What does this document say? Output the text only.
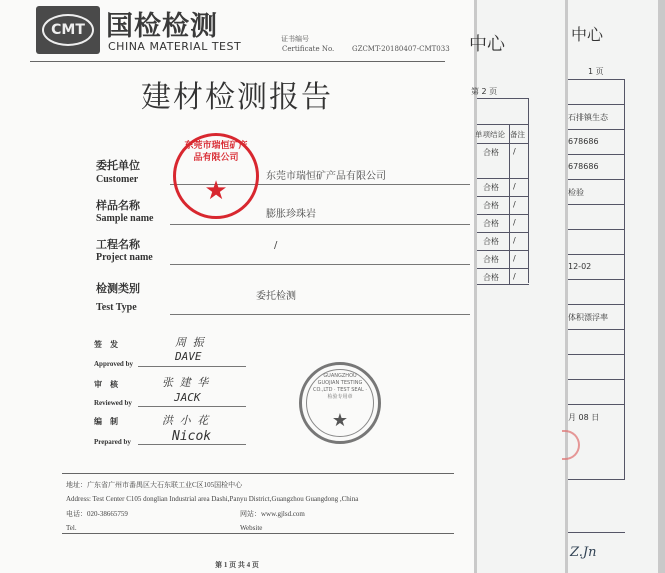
CMT 国检检测
CHINA MATERIAL TEST
证书编号
Certificate No.	GZCMT-20180407-CMT033
建材检测报告
委托单位
Customer	东莞市瑞恒矿产品有限公司
样品名称
Sample name	膨胀珍珠岩
工程名称
Project name
/
检测类别
Test Type
委托检测
东莞市瑞恒矿产品有限公司
★
签　发	周 振
Approved by
DAVE
审　核	张 建 华
Reviewed by	JACK
编　制	洪 小 花
Prepared by	Nicok
GUANGZHOU GUOJIAN TESTING CO.,LTD · TEST SEAL · 检验专用章
★
地址：广东省广州市番禺区大石东联工业C区105国检中心
Address: Test Center C105 donglian Industrial area Dashi,Panyu District,Guangzhou Guangdong ,China
电话：020-38665759	网站：www.gjlsd.com
Tel.	Website
第 1 页 共 4 页
中心
第 2 页
单项结论 备注
合格 /
合格 /
合格 /
合格 /
合格 /
合格 /
合格 /
中心
1 页
Z.Jn
石排镇生态
678686
678686
检验
12-02
体积漂浮率
月 08 日
